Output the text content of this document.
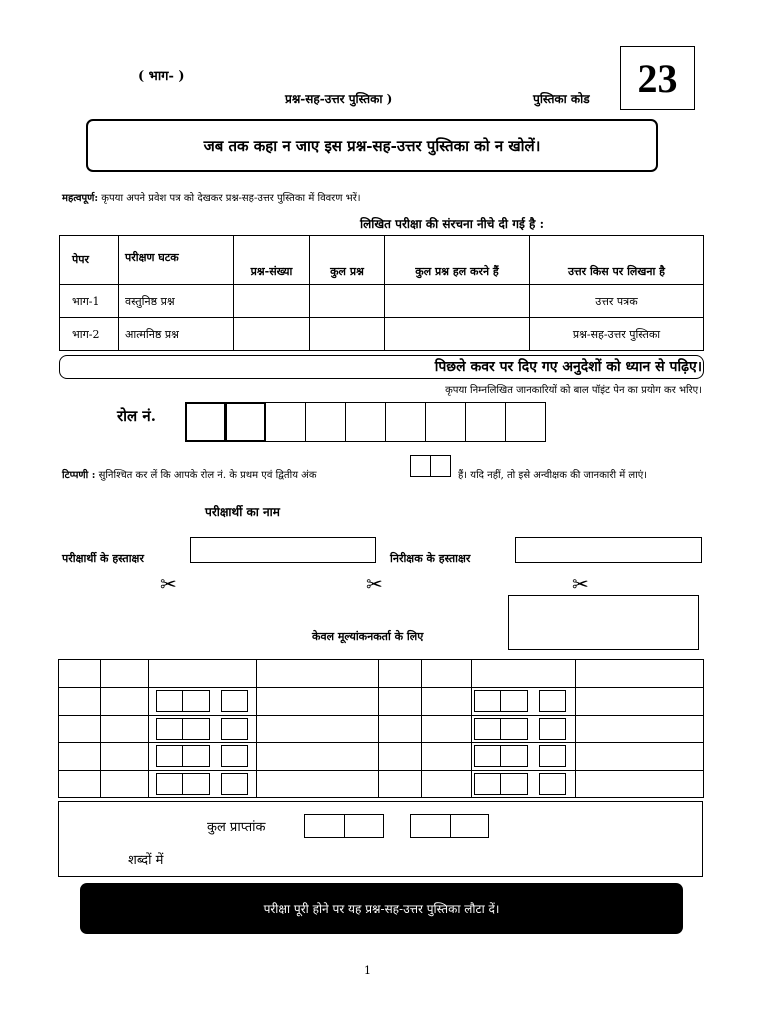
( भाग- )
प्रश्न-सह-उत्तर पुस्तिका )	पुस्तिका कोड 23
जब तक कहा न जाए इस प्रश्न-सह-उत्तर पुस्तिका को न खोलें।
महत्वपूर्ण: कृपया अपने प्रवेश पत्र को देखकर प्रश्न-सह-उत्तर पुस्तिका में विवरण भरें।
लिखित परीक्षा की संरचना नीचे दी गई है :
पेपर	परीक्षण घटक	प्रश्न-संख्या	कुल प्रश्न	कुल प्रश्न हल करने हैं	उत्तर किस पर लिखना है
भाग-1	वस्तुनिष्ठ प्रश्न				उत्तर पत्रक
भाग-2	आत्मनिष्ठ प्रश्न				प्रश्न-सह-उत्तर पुस्तिका
पिछले कवर पर दिए गए अनुदेशों को ध्यान से पढ़िए।
कृपया निम्नलिखित जानकारियों को बाल पॉइंट पेन का प्रयोग कर भरिए।
रोल नं.
टिप्पणी : सुनिश्चित कर लें कि आपके रोल नं. के प्रथम एवं द्वितीय अंक	हैं। यदि नहीं, तो इसे अन्वीक्षक की जानकारी में लाएं।
परीक्षार्थी का नाम
परीक्षार्थी के हस्ताक्षर	निरीक्षक के हस्ताक्षर
✂	✂	✂
केवल मूल्यांकनकर्ता के लिए
कुल प्राप्तांक
शब्दों में
परीक्षा पूरी होने पर यह प्रश्न-सह-उत्तर पुस्तिका लौटा दें।
1
